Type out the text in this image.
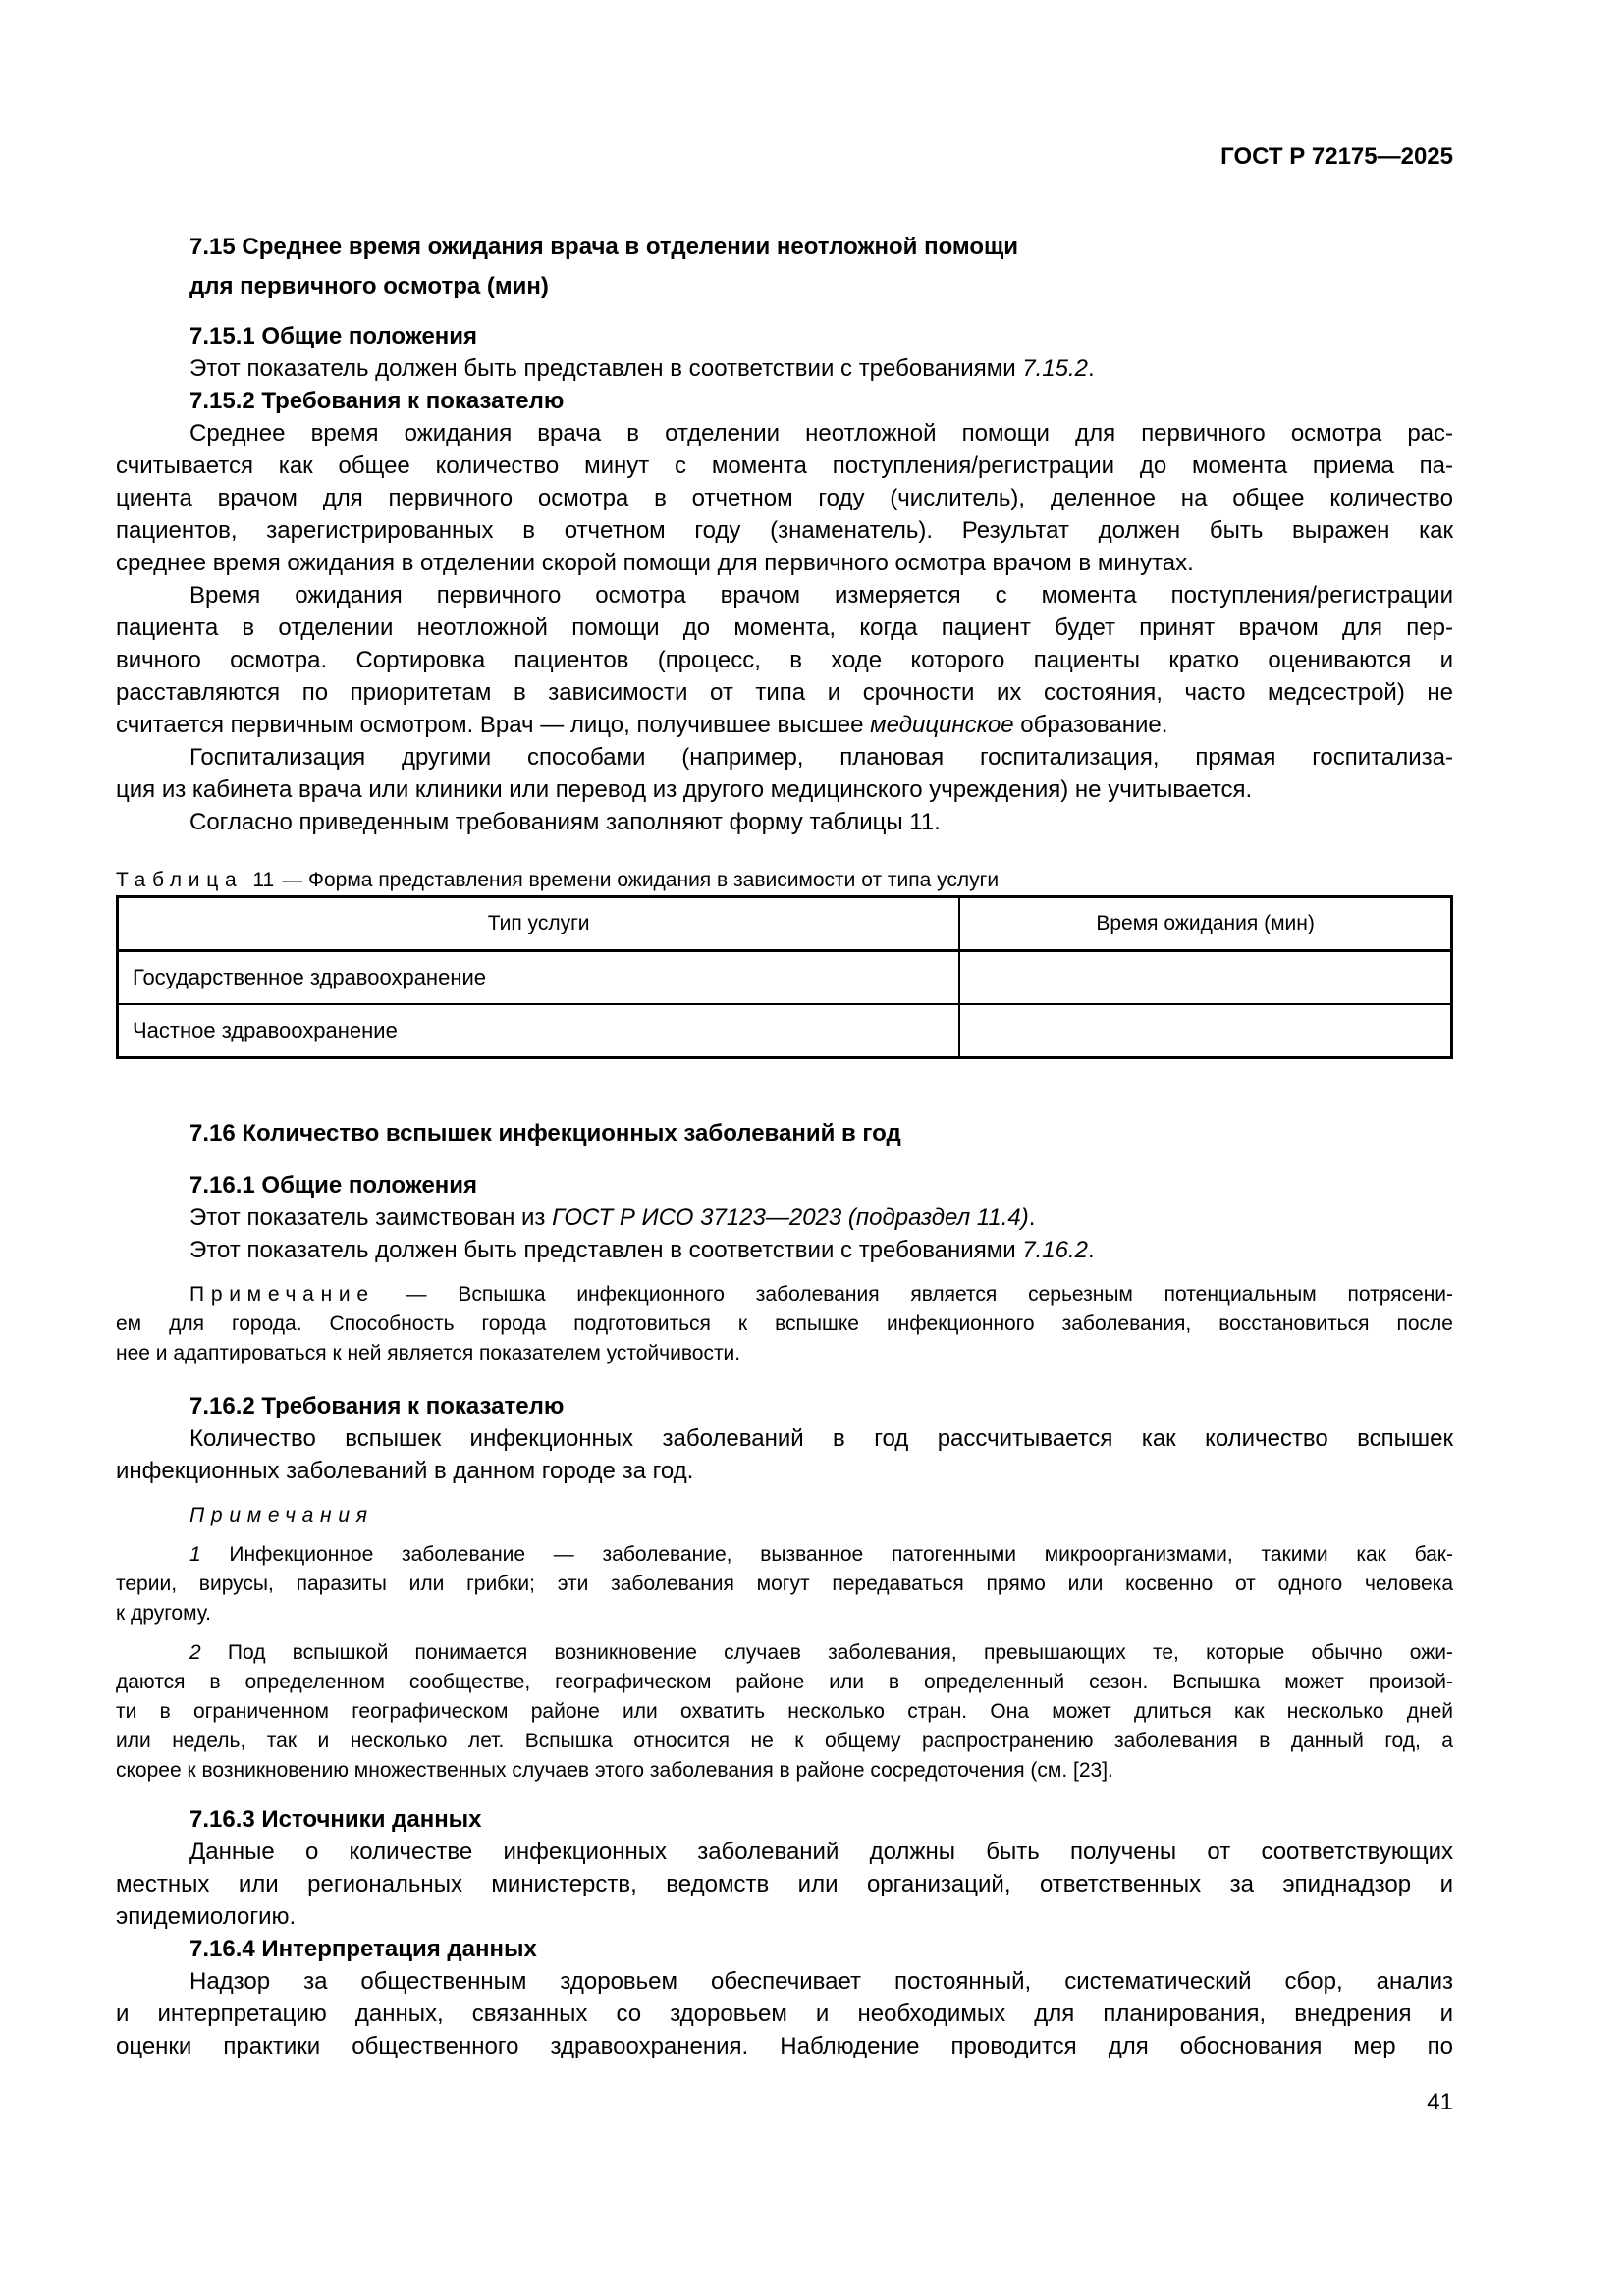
ГОСТ Р 72175—2025
7.15 Среднее время ожидания врача в отделении неотложной помощи
для первичного осмотра (мин)
7.15.1 Общие положения
Этот показатель должен быть представлен в соответствии с требованиями 7.15.2.
7.15.2 Требования к показателю
Среднее время ожидания врача в отделении неотложной помощи для первичного осмотра рас-
считывается как общее количество минут с момента поступления/регистрации до момента приема па-
циента врачом для первичного осмотра в отчетном году (числитель), деленное на общее количество
пациентов, зарегистрированных в отчетном году (знаменатель). Результат должен быть выражен как
среднее время ожидания в отделении скорой помощи для первичного осмотра врачом в минутах.
Время ожидания первичного осмотра врачом измеряется с момента поступления/регистрации
пациента в отделении неотложной помощи до момента, когда пациент будет принят врачом для пер-
вичного осмотра. Сортировка пациентов (процесс, в ходе которого пациенты кратко оцениваются и
расставляются по приоритетам в зависимости от типа и срочности их состояния, часто медсестрой) не
считается первичным осмотром. Врач — лицо, получившее высшее медицинское образование.
Госпитализация другими способами (например, плановая госпитализация, прямая госпитализа-
ция из кабинета врача или клиники или перевод из другого медицинского учреждения) не учитывается.
Согласно приведенным требованиям заполняют форму таблицы 11.
Таблица 11 — Форма представления времени ожидания в зависимости от типа услуги
Тип услуги	Время ожидания (мин)
Государственное здравоохранение	
Частное здравоохранение	
7.16 Количество вспышек инфекционных заболеваний в год
7.16.1 Общие положения
Этот показатель заимствован из ГОСТ Р ИСО 37123—2023 (подраздел 11.4).
Этот показатель должен быть представлен в соответствии с требованиями 7.16.2.
Примечание — Вспышка инфекционного заболевания является серьезным потенциальным потрясени-
ем для города. Способность города подготовиться к вспышке инфекционного заболевания, восстановиться после
нее и адаптироваться к ней является показателем устойчивости.
7.16.2 Требования к показателю
Количество вспышек инфекционных заболеваний в год рассчитывается как количество вспышек
инфекционных заболеваний в данном городе за год.
Примечания
1 Инфекционное заболевание — заболевание, вызванное патогенными микроорганизмами, такими как бак-
терии, вирусы, паразиты или грибки; эти заболевания могут передаваться прямо или косвенно от одного человека
к другому.
2 Под вспышкой понимается возникновение случаев заболевания, превышающих те, которые обычно ожи-
даются в определенном сообществе, географическом районе или в определенный сезон. Вспышка может произой-
ти в ограниченном географическом районе или охватить несколько стран. Она может длиться как несколько дней
или недель, так и несколько лет. Вспышка относится не к общему распространению заболевания в данный год, а
скорее к возникновению множественных случаев этого заболевания в районе сосредоточения (см. [23].
7.16.3 Источники данных
Данные о количестве инфекционных заболеваний должны быть получены от соответствующих
местных или региональных министерств, ведомств или организаций, ответственных за эпиднадзор и
эпидемиологию.
7.16.4 Интерпретация данных
Надзор за общественным здоровьем обеспечивает постоянный, систематический сбор, анализ
и интерпретацию данных, связанных со здоровьем и необходимых для планирования, внедрения и
оценки практики общественного здравоохранения. Наблюдение проводится для обоснования мер по
41
